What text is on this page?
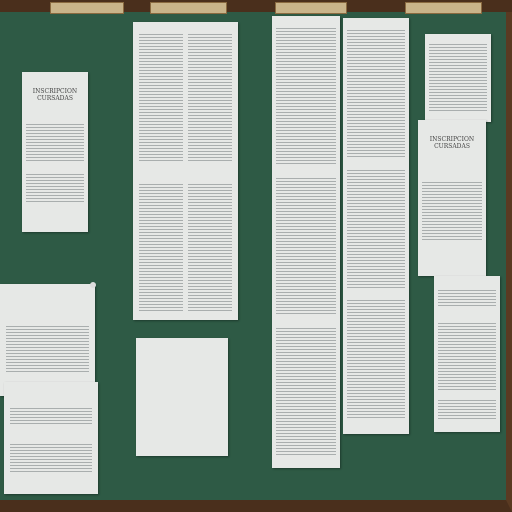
INSCRIPCION CURSADAS
INSCRIPCION CURSADAS
